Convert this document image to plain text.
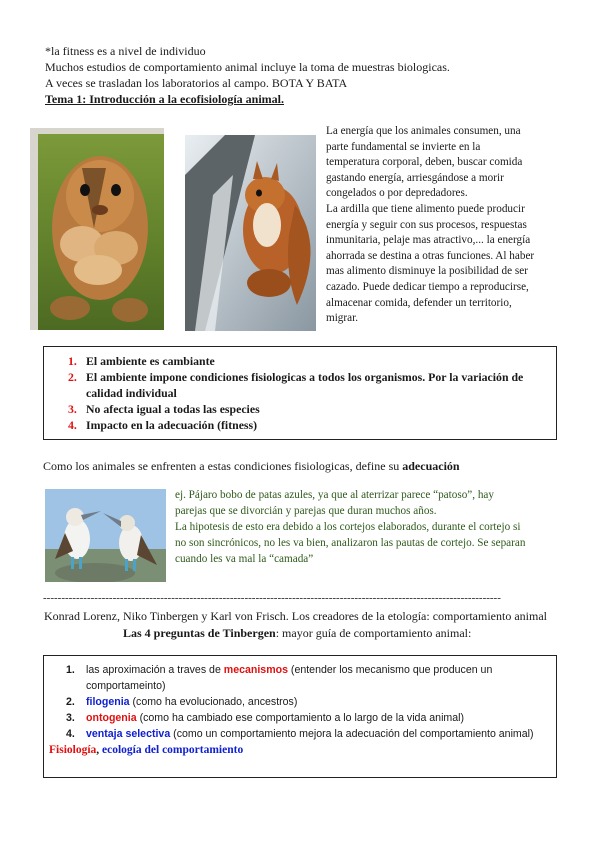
*la fitness es a nivel de individuo
Muchos estudios de comportamiento animal incluye la toma de muestras biologicas.
A veces se trasladan los laboratorios al campo. BOTA Y BATA
Tema 1: Introducción a la ecofisiología animal.
La energía que los animales consumen, una
parte fundamental se invierte en la
temperatura corporal, deben, buscar comida
gastando energía, arriesgándose a morir
congelados o por depredadores.
La ardilla que tiene alimento puede producir
energía y seguir con sus procesos, respuestas
inmunitaria, pelaje mas atractivo,... la energía
ahorrada se destina a otras funciones. Al haber
mas alimento disminuye la posibilidad de ser
cazado. Puede dedicar tiempo a reproducirse,
almacenar comida, defender un territorio,
migrar.
1. El ambiente es cambiante
2. El ambiente impone condiciones fisiologicas a todos los organismos. Por la variación de
calidad individual
3. No afecta igual a todas las especies
4. Impacto en la adecuación (fitness)
Como los animales se enfrenten a estas condiciones fisiologicas, define su adecuación
ej. Pájaro bobo de patas azules, ya que al aterrizar parece “patoso”, hay
parejas que se divorcián y parejas que duran muchos años.
La hipotesis de esto era debido a los cortejos elaborados, durante el cortejo si
no son sincrónicos, no les va bien, analizaron las pautas de cortejo. Se separan
cuando les va mal la “camada”
-----------------------------------------------------------------------------------------------------------------------------
Konrad Lorenz, Niko Tinbergen y Karl von Frisch. Los creadores de la etología: comportamiento animal
Las 4 preguntas de Tinbergen: mayor guía de comportamiento animal:
1. las aproximación a traves de mecanismos (entender los mecanismo que producen un
comportameinto)
2. filogenia (como ha evolucionado, ancestros)
3. ontogenia (como ha cambiado ese comportamiento a lo largo de la vida animal)
4. ventaja selectiva (como un comportamiento mejora la adecuación del comportamiento animal)
Fisiología, ecología del comportamiento
